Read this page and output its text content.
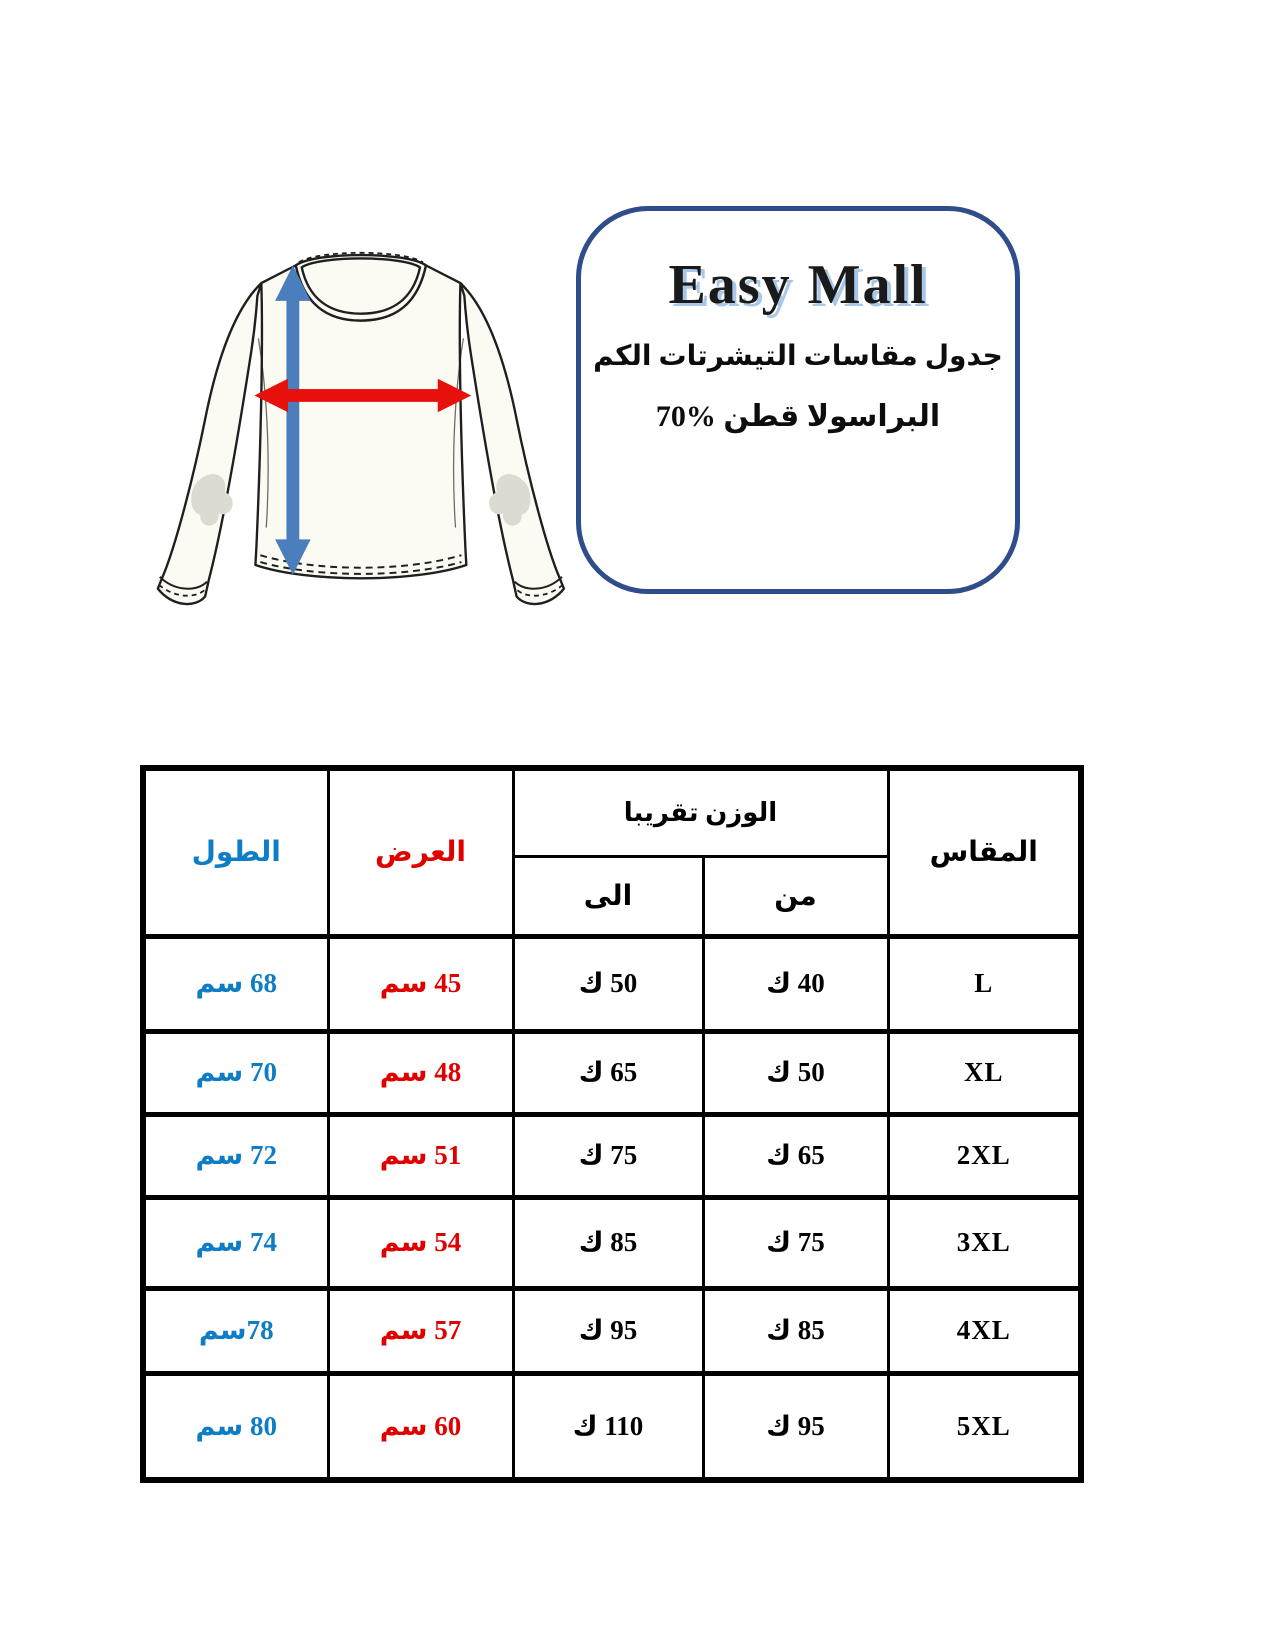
Easy Mall
جدول مقاسات التيشرتات الكم
البراسولا قطن %70
الطول	العرض	الوزن تقريبا		المقاس
		الى	من	
68 سم	45 سم	50 ك	40 ك	L
70 سم	48 سم	65 ك	50 ك	XL
72 سم	51 سم	75 ك	65 ك	2XL
74 سم	54 سم	85 ك	75 ك	3XL
78سم	57 سم	95 ك	85 ك	4XL
80 سم	60 سم	110 ك	95 ك	5XL
